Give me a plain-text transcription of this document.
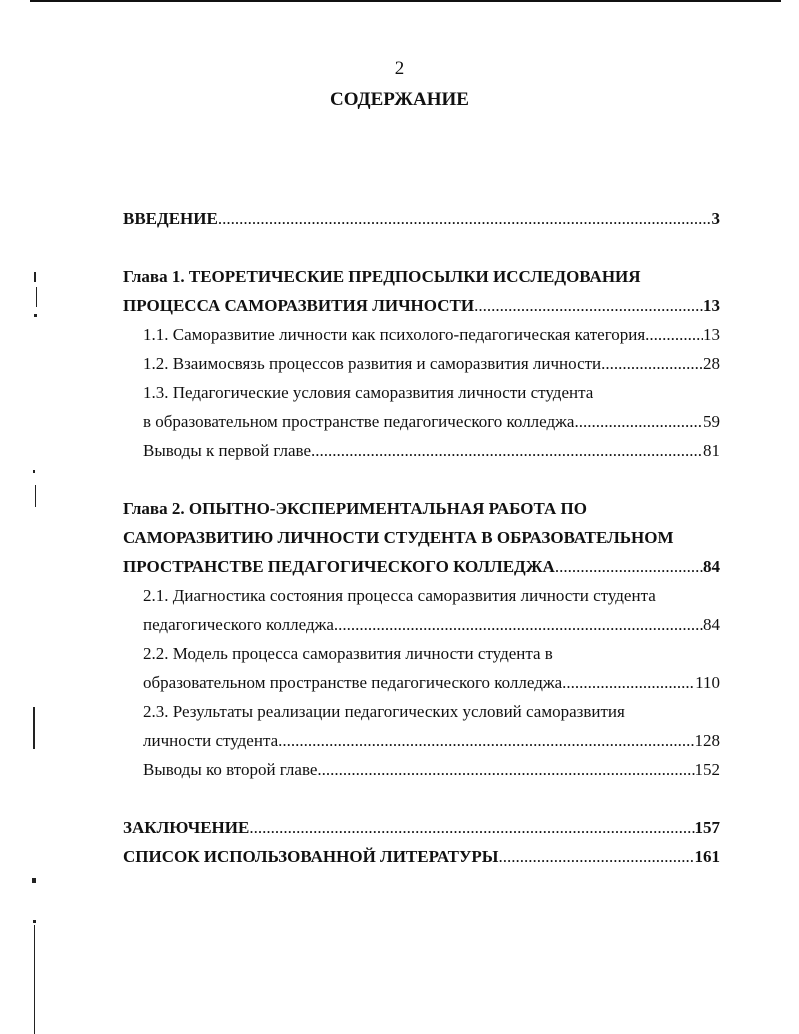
2
СОДЕРЖАНИЕ
ВВЕДЕНИЕ .....	3
Глава 1. ТЕОРЕТИЧЕСКИЕ ПРЕДПОСЫЛКИ ИССЛЕДОВАНИЯ
ПРОЦЕССА САМОРАЗВИТИЯ ЛИЧНОСТИ .....	13
1.1. Саморазвитие личности как психолого-педагогическая категория .....	13
1.2. Взаимосвязь процессов развития и саморазвития личности .....	28
1.3. Педагогические условия саморазвития личности студента
в образовательном пространстве педагогического колледжа .....	59
Выводы к первой главе .....	81
Глава 2. ОПЫТНО-ЭКСПЕРИМЕНТАЛЬНАЯ РАБОТА ПО
САМОРАЗВИТИЮ ЛИЧНОСТИ СТУДЕНТА В ОБРАЗОВАТЕЛЬНОМ
ПРОСТРАНСТВЕ ПЕДАГОГИЧЕСКОГО КОЛЛЕДЖА .....	84
2.1. Диагностика состояния процесса саморазвития личности студента
педагогического колледжа .....	84
2.2. Модель процесса саморазвития личности студента в
образовательном пространстве педагогического колледжа .....	110
2.3. Результаты реализации педагогических условий саморазвития
личности студента .....	128
Выводы ко второй главе .....	152
ЗАКЛЮЧЕНИЕ .....	157
СПИСОК ИСПОЛЬЗОВАННОЙ ЛИТЕРАТУРЫ .....	161
